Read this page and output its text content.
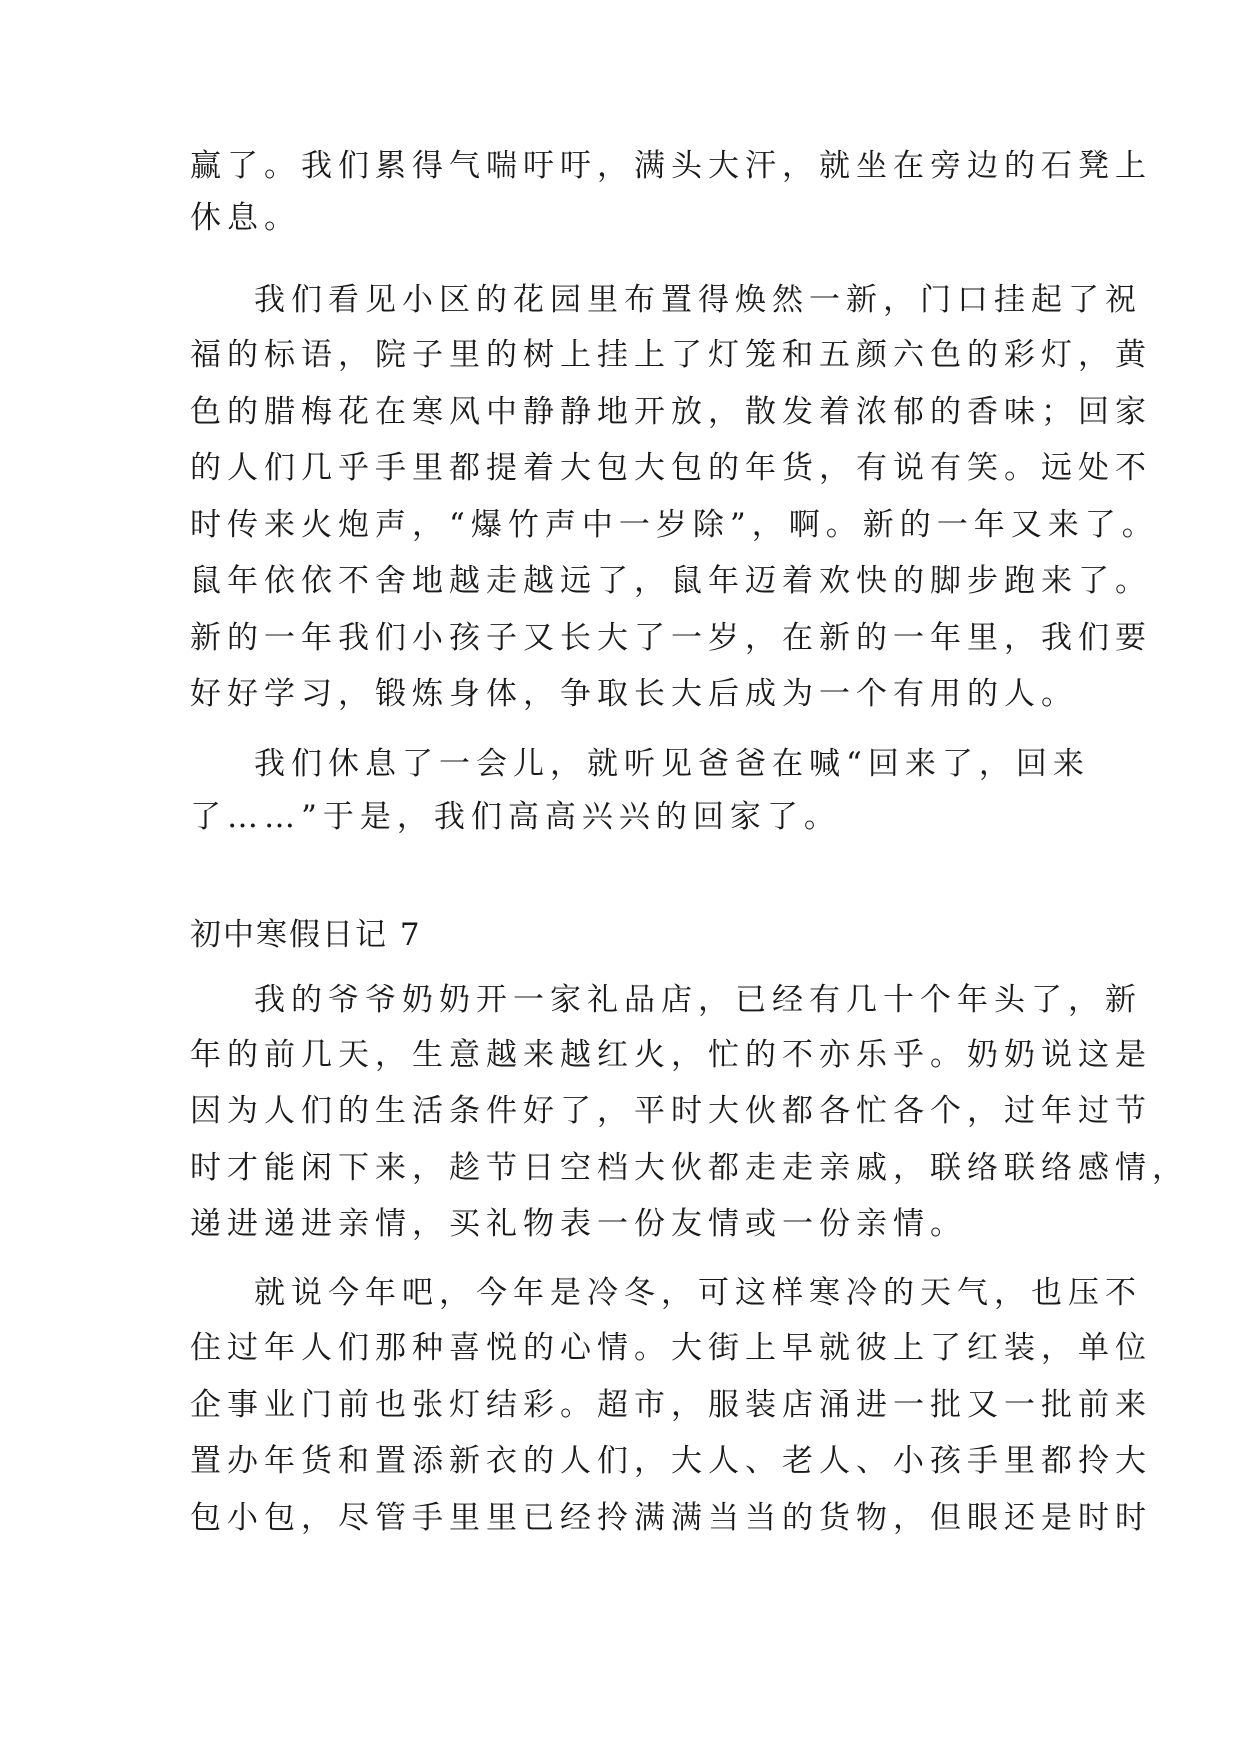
赢了。我们累得气喘吁吁，满头大汗，就坐在旁边的石凳上
休息。
我们看见小区的花园里布置得焕然一新，门口挂起了祝
福的标语，院子里的树上挂上了灯笼和五颜六色的彩灯，黄
色的腊梅花在寒风中静静地开放，散发着浓郁的香味；回家
的人们几乎手里都提着大包大包的年货，有说有笑。远处不
时传来火炮声，“爆竹声中一岁除”，啊。新的一年又来了。
鼠年依依不舍地越走越远了，鼠年迈着欢快的脚步跑来了。
新的一年我们小孩子又长大了一岁，在新的一年里，我们要
好好学习，锻炼身体，争取长大后成为一个有用的人。
我们休息了一会儿，就听见爸爸在喊“回来了，回来
了……”于是，我们高高兴兴的回家了。
初中寒假日记 7
我的爷爷奶奶开一家礼品店，已经有几十个年头了，新
年的前几天，生意越来越红火，忙的不亦乐乎。奶奶说这是
因为人们的生活条件好了，平时大伙都各忙各个，过年过节
时才能闲下来，趁节日空档大伙都走走亲戚，联络联络感情，
递进递进亲情，买礼物表一份友情或一份亲情。
就说今年吧，今年是冷冬，可这样寒冷的天气，也压不
住过年人们那种喜悦的心情。大街上早就彼上了红装，单位
企事业门前也张灯结彩。超市，服装店涌进一批又一批前来
置办年货和置添新衣的人们，大人、老人、小孩手里都拎大
包小包，尽管手里里已经拎满满当当的货物，但眼还是时时
